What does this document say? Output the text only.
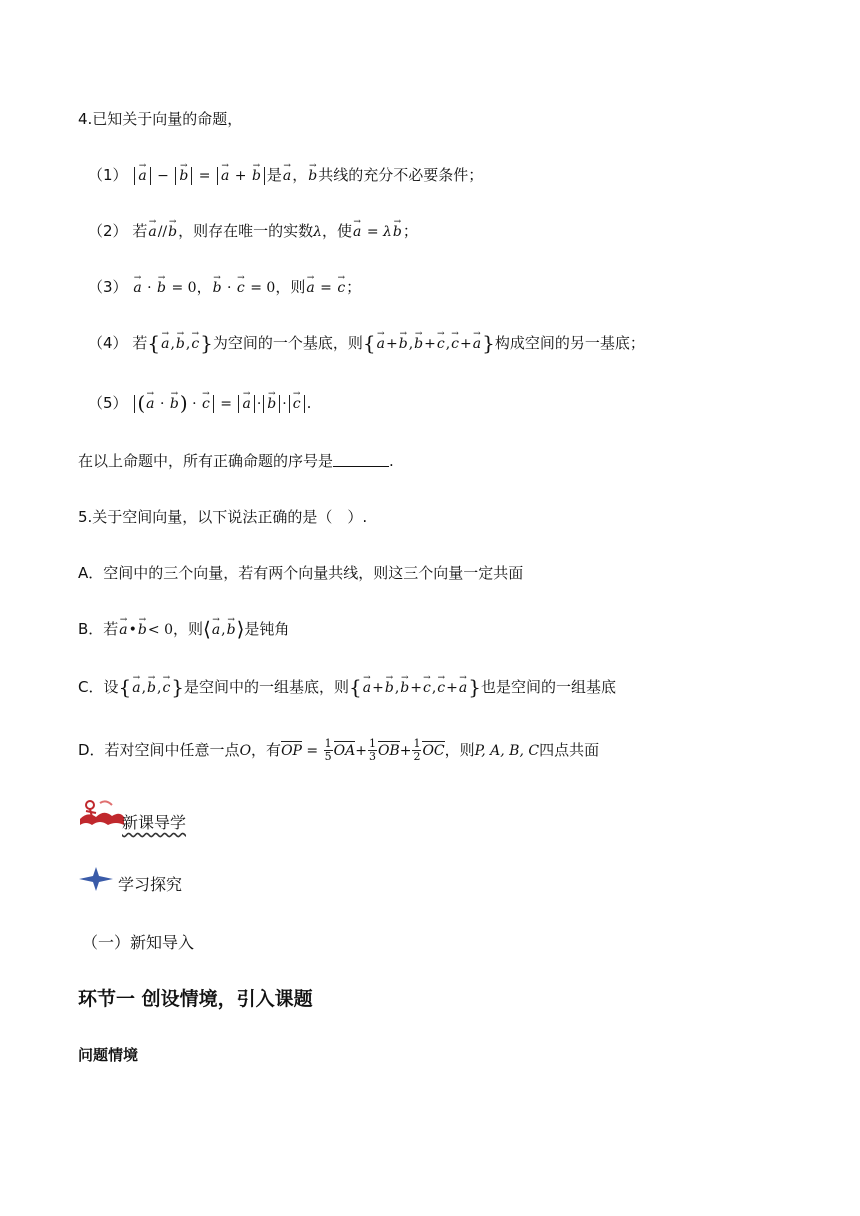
4.已知关于向量的命题，
（1） → a − → b = → a + → b 是→ a，→ b共线的充分不必要条件；
（2） 若→ a//→ b，则存在唯一的实数λ，使→ a = λ→ b；
（3） → a · → b = 0，→ b · → c = 0，则→ a = → c；
（4） 若{→ a,→ b,→ c}为空间的一个基底，则{→ a+→ b,→ b+→ c,→ c+→ a}构成空间的另一基底；
（5） (→ a · → b) · → c = → a · → b · → c .
在以上命题中，所有正确命题的序号是	.
5.关于空间向量，以下说法正确的是（　）.
A．空间中的三个向量，若有两个向量共线，则这三个向量一定共面
B．若→ a•→ b< 0，则⟨→ a,→ b⟩是钝角
C．设{→ a,→ b,→ c}是空间中的一组基底，则{→ a+→ b,→ b+→ c,→ c+→ a}也是空间的一组基底
D．若对空间中任意一点O，有OP = $\frac{1}{5} OA+ \frac{1}{3} OB+ \frac{1}{2}$ OC，则P, A, B, C四点共面
新课导学
学习探究
（一）新知导入
环节一 创设情境，引入课题
问题情境
